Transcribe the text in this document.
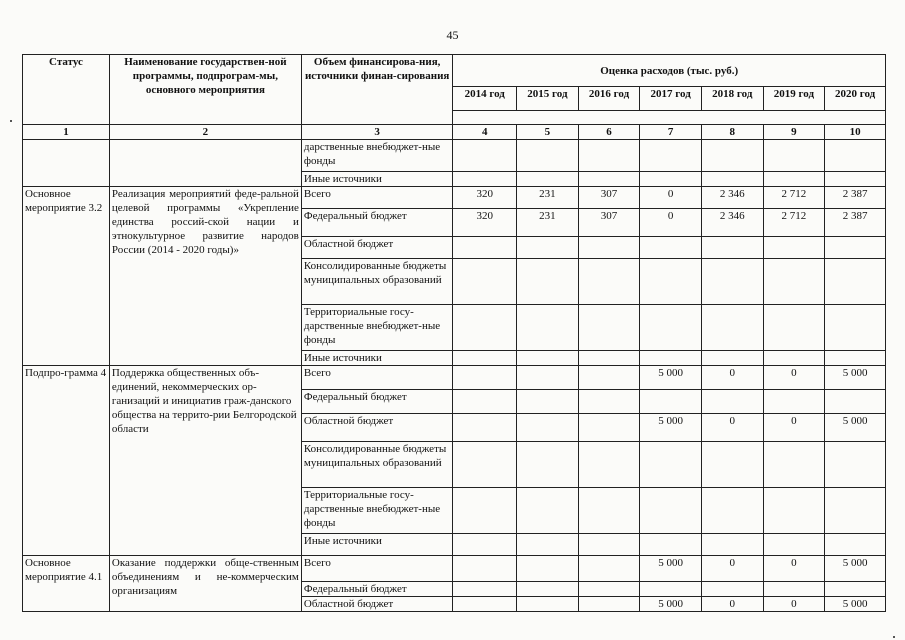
45
Статус	Наименование государствен-ной программы, подпрограм-мы, основного мероприятия	Объем финансирова-ния, источники финан-сирования	Оценка расходов (тыс. руб.)						
			2014 год	2015 год	2016 год	2017 год	2018 год	2019 год	2020 год

1	2	3	4	5	6	7	8	9	10
		дарственные внебюджет-ные фонды							
		Иные источники							
Основное мероприятие 3.2	Реализация мероприятий феде-ральной целевой программы «Укрепление единства россий-ской нации и этнокультурное развитие народов России (2014 - 2020 годы)»	Всего	320	231	307	0	2 346	2 712	2 387
		Федеральный бюджет	320	231	307	0	2 346	2 712	2 387
		Областной бюджет							
		Консолидированные бюджеты муниципальных образований							
		Территориальные госу-дарственные внебюджет-ные фонды							
		Иные источники							
Подпро-грамма 4	Поддержка общественных объ-единений, некоммерческих ор-ганизаций и инициатив граж-данского общества на террито-рии Белгородской области	Всего				5 000	0	0	5 000
		Федеральный бюджет							
		Областной бюджет				5 000	0	0	5 000
		Консолидированные бюджеты муниципальных образований							
		Территориальные госу-дарственные внебюджет-ные фонды							
		Иные источники							
Основное мероприятие 4.1	Оказание поддержки обще-ственным объединениям и не-коммерческим организациям	Всего				5 000	0	0	5 000
		Федеральный бюджет							
		Областной бюджет				5 000	0	0	5 000
